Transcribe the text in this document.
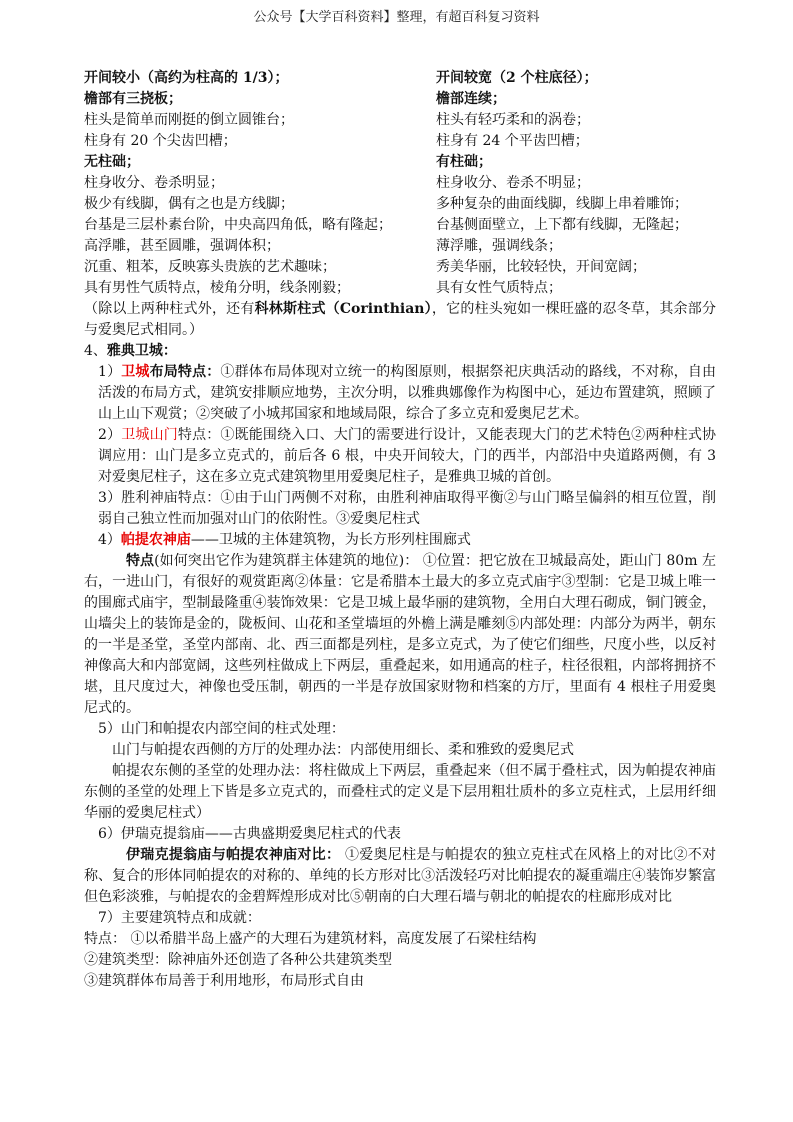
公众号【大学百科资料】整理，有超百科复习资料
开间较小（高约为柱高的 1/3）；	开间较宽（2 个柱底径）；
檐部有三挠板；	檐部连续；
柱头是简单而刚挺的倒立圆锥台；	柱头有轻巧柔和的涡卷；
柱身有 20 个尖齿凹槽；	柱身有 24 个平齿凹槽；
无柱础；	有柱础；
柱身收分、卷杀明显；	柱身收分、卷杀不明显；
极少有线脚，偶有之也是方线脚；	多种复杂的曲面线脚，线脚上串着雕饰；
台基是三层朴素台阶，中央高四角低，略有隆起；	台基侧面壁立，上下都有线脚，无隆起；
高浮雕，甚至圆雕，强调体积；	薄浮雕，强调线条；
沉重、粗苯，反映寡头贵族的艺术趣味；	秀美华丽，比较轻快，开间宽阔；
具有男性气质特点，棱角分明，线条刚毅；	具有女性气质特点；
（除以上两种柱式外，还有科林斯柱式（Corinthian），它的柱头宛如一棵旺盛的忍冬草，其余部分与爱奥尼式相同。）
4、雅典卫城：
1）卫城布局特点：①群体布局体现对立统一的构图原则，根据祭祀庆典活动的路线，不对称，自由活泼的布局方式，建筑安排顺应地势，主次分明，以雅典娜像作为构图中心，延边布置建筑，照顾了山上山下观赏；②突破了小城邦国家和地域局限，综合了多立克和爱奥尼艺术。
2）卫城山门特点：①既能围绕入口、大门的需要进行设计，又能表现大门的艺术特色②两种柱式协调应用：山门是多立克式的，前后各 6 根，中央开间较大，门的西半，内部沿中央道路两侧，有 3 对爱奥尼柱子，这在多立克式建筑物里用爱奥尼柱子，是雅典卫城的首创。
3）胜利神庙特点：①由于山门两侧不对称，由胜利神庙取得平衡②与山门略呈偏斜的相互位置，削弱自己独立性而加强对山门的依附性。③爱奥尼柱式
4）帕提农神庙——卫城的主体建筑物，为长方形列柱围廊式
特点(如何突出它作为建筑群主体建筑的地位)： ①位置：把它放在卫城最高处，距山门 80m 左右，一进山门，有很好的观赏距离②体量：它是希腊本土最大的多立克式庙宇③型制：它是卫城上唯一的围廊式庙宇，型制最隆重④装饰效果：它是卫城上最华丽的建筑物，全用白大理石砌成，铜门镀金，山墙尖上的装饰是金的，陇板间、山花和圣堂墙垣的外檐上满是雕刻⑤内部处理：内部分为两半，朝东的一半是圣堂，圣堂内部南、北、西三面都是列柱，是多立克式，为了使它们细些，尺度小些，以反衬神像高大和内部宽阔，这些列柱做成上下两层，重叠起来，如用通高的柱子，柱径很粗，内部将拥挤不堪，且尺度过大，神像也受压制，朝西的一半是存放国家财物和档案的方厅，里面有 4 根柱子用爱奥尼式的。
5）山门和帕提农内部空间的柱式处理：
山门与帕提农西侧的方厅的处理办法：内部使用细长、柔和雅致的爱奥尼式
帕提农东侧的圣堂的处理办法：将柱做成上下两层，重叠起来（但不属于叠柱式，因为帕提农神庙东侧的圣堂的处理上下皆是多立克式的，而叠柱式的定义是下层用粗壮质朴的多立克柱式，上层用纤细华丽的爱奥尼柱式）
6）伊瑞克提翁庙——古典盛期爱奥尼柱式的代表
伊瑞克提翁庙与帕提农神庙对比： ①爱奥尼柱是与帕提农的独立克柱式在风格上的对比②不对称、复合的形体同帕提农的对称的、单纯的长方形对比③活泼轻巧对比帕提农的凝重端庄④装饰岁繁富但色彩淡雅，与帕提农的金碧辉煌形成对比⑤朝南的白大理石墙与朝北的帕提农的柱廊形成对比
7）主要建筑特点和成就：
特点： ①以希腊半岛上盛产的大理石为建筑材料，高度发展了石梁柱结构
②建筑类型：除神庙外还创造了各种公共建筑类型
③建筑群体布局善于利用地形，布局形式自由
